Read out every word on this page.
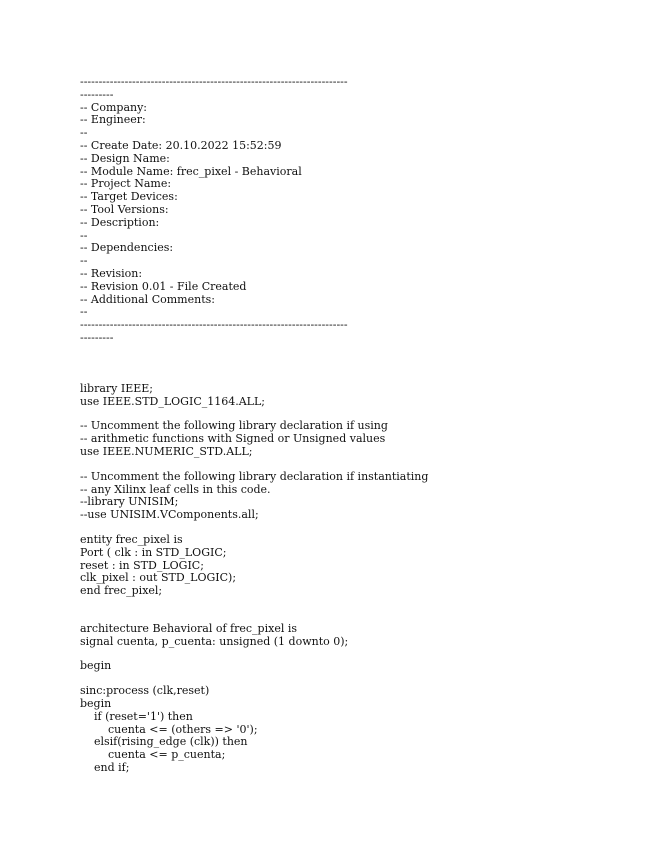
------------------------------------------------------------------------
---------
-- Company:
-- Engineer:
--
-- Create Date: 20.10.2022 15:52:59
-- Design Name:
-- Module Name: frec_pixel - Behavioral
-- Project Name:
-- Target Devices:
-- Tool Versions:
-- Description:
--
-- Dependencies:
--
-- Revision:
-- Revision 0.01 - File Created
-- Additional Comments:
--
------------------------------------------------------------------------
---------
library IEEE;
use IEEE.STD_LOGIC_1164.ALL;
-- Uncomment the following library declaration if using
-- arithmetic functions with Signed or Unsigned values
use IEEE.NUMERIC_STD.ALL;
-- Uncomment the following library declaration if instantiating
-- any Xilinx leaf cells in this code.
--library UNISIM;
--use UNISIM.VComponents.all;
entity frec_pixel is
Port ( clk : in STD_LOGIC;
reset : in STD_LOGIC;
clk_pixel : out STD_LOGIC);
end frec_pixel;
architecture Behavioral of frec_pixel is
signal cuenta, p_cuenta: unsigned (1 downto 0);
begin
sinc:process (clk,reset)
begin
if (reset='1') then
cuenta <= (others => '0');
elsif(rising_edge (clk)) then
cuenta <= p_cuenta;
end if;
